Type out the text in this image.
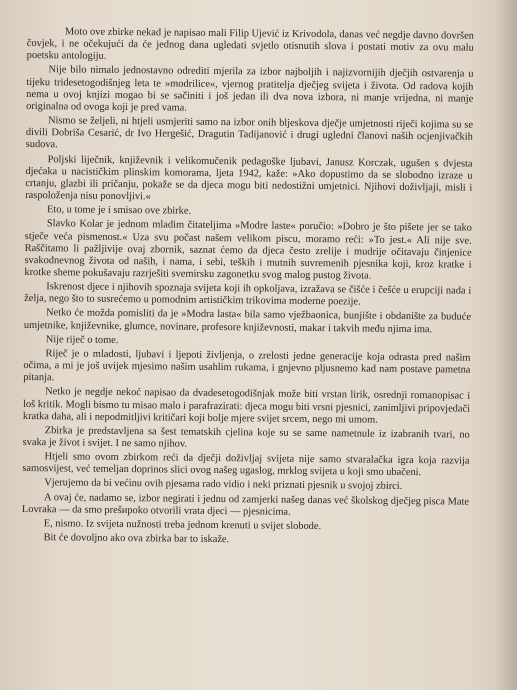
Moto ove zbirke nekad je napisao mali Filip Ujević iz Krivodola, danas već negdje davno dovršen čovjek, i ne očekujući da će jednog dana ugledati svjetlo otisnutih slova i postati motiv za ovu malu poetsku antologiju.

Nije bilo nimalo jednostavno odrediti mjerila za izbor najboljih i najizvornijih dječjih ostvarenja u tijeku tridesetogodišnjeg leta te »modrilice«, vjernog pratitelja dječjeg svijeta i života. Od radova kojih nema u ovoj knjizi mogao bi se sačiniti i još jedan ili dva nova izbora, ni manje vrijedna, ni manje originalna od ovoga koji je pred vama.

Nismo se željeli, ni htjeli usmjeriti samo na izbor onih bljeskova dječje umjetnosti riječi kojima su se divili Dobriša Cesarić, dr Ivo Hergešić, Dragutin Tadijanović i drugi ugledni članovi naših ocjenjivačkih sudova.

Poljski liječnik, književnik i velikomučenik pedagoške ljubavi, Janusz Korczak, ugušen s dvjesta djećaka u nacističkim plinskim komorama, ljeta 1942, kaže: »Ako dopustimo da se slobodno izraze u crtanju, glazbi ili pričanju, pokaže se da djeca mogu biti nedostižni umjetnici. Njihovi doživljaji, misli i raspoloženja nisu ponovljivi.«

Eto, u tome je i smisao ove zbirke.

Slavko Kolar je jednom mladim čitateljima »Modre laste« poručio: »Dobro je što pišete jer se tako stječe veća pismenost.« Uza svu počast našem velikom piscu, moramo reći: »To jest.« Ali nije sve. Raščitamo li pažljivije ovaj zbornik, saznat ćemo da djeca često zrelije i mudrije očitavaju činjenice svakodnevnog života od naših, i nama, i sebi, teških i mutnih suvremenih pjesnika koji, kroz kratke i krotke sheme pokušavaju razrješiti svemirsku zagonetku svog malog pustog života.

Iskrenost djece i njihovih spoznaja svijeta koji ih opkoljava, izražava se čišće i češće u erupciji nada i želja, nego što to susrećemo u pomodnim artističkim trikovima moderne poezije.

Netko će možda pomisliti da je »Modra lasta« bila samo vježbaonica, bunjište i obdanište za buduće umjetnike, književnike, glumce, novinare, profesore književnosti, makar i takvih među njima ima.

Nije riječ o tome.

Riječ je o mladosti, ljubavi i ljepoti življenja, o zrelosti jedne generacije koja odrasta pred našim očima, a mi je još uvijek mjesimo našim usahlim rukama, i gnjevno pljusnemo kad nam postave pametna pitanja.

Netko je negdje nekoć napisao da dvadesetogodišnjak može biti vrstan lirik, osrednji romanopisac i loš kritik. Mogli bismo tu misao malo i parafrazirati: djeca mogu biti vrsni pjesnici, zanimljivi pripovjedači kratka daha, ali i nepodmitljivi kritičari koji bolje mjere svijet srcem, nego mi umom.

Zbirka je predstavljena sa šest tematskih cjelina koje su se same nametnule iz izabranih tvari, no svaka je život i svijet. I ne samo njihov.

Htjeli smo ovom zbirkom reći da dječji doživljaj svijeta nije samo stvaralačka igra koja razvija samosvijest, već temeljan doprinos slici ovog našeg ugaslog, mrklog svijeta u koji smo ubačeni.

Vjerujemo da bi većinu ovih pjesama rado vidio i neki priznati pjesnik u svojoj zbirci.

A ovaj će, nadamo se, izbor negirati i jednu od zamjerki našeg danas već školskog dječjeg pisca Mate Lovraka — da smo prešироko otvorili vrata djeci — pjesnicima.

E, nismo. Iz svijeta nužnosti treba jednom krenuti u svijet slobode.

Bit će dovoljno ako ova zbirka bar to iskaže.
